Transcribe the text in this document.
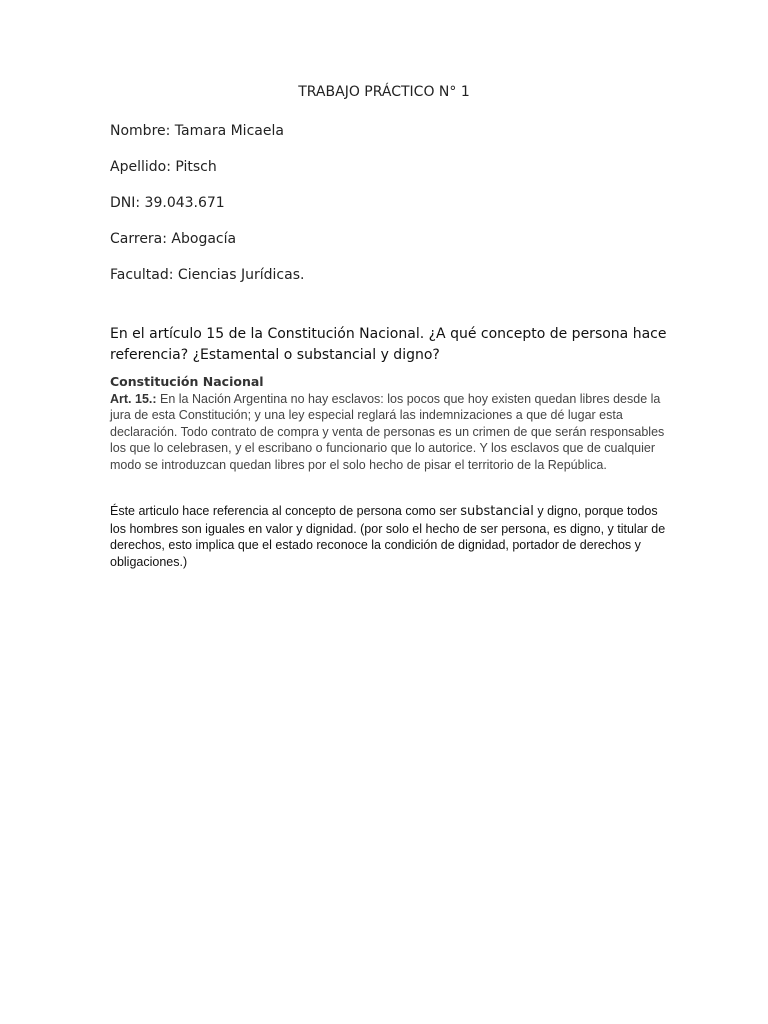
TRABAJO PRÁCTICO N° 1
Nombre: Tamara Micaela
Apellido: Pitsch
DNI: 39.043.671
Carrera: Abogacía
Facultad: Ciencias Jurídicas.
En el artículo 15 de la Constitución Nacional. ¿A qué concepto de persona hace
referencia? ¿Estamental o substancial y digno?
Constitución Nacional
Art. 15.: En la Nación Argentina no hay esclavos: los pocos que hoy existen quedan libres desde la jura de esta Constitución; y una ley especial reglará las indemnizaciones a que dé lugar esta declaración. Todo contrato de compra y venta de personas es un crimen de que serán responsables los que lo celebrasen, y el escribano o funcionario que lo autorice. Y los esclavos que de cualquier modo se introduzcan quedan libres por el solo hecho de pisar el territorio de la República.
Éste articulo hace referencia al concepto de persona como ser substancial y digno, porque todos los hombres son iguales en valor y dignidad. (por solo el hecho de ser persona, es digno, y titular de derechos, esto implica que el estado reconoce la condición de dignidad, portador de derechos y obligaciones.)
